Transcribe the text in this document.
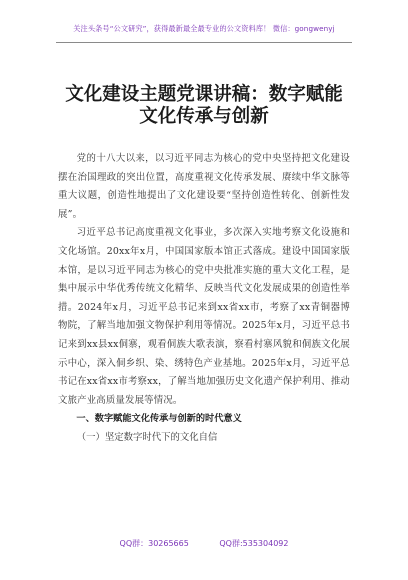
关注头条号“公文研究”，获得最新最全最专业的公文资料库！ 微信：gongwenyj
文化建设主题党课讲稿：数字赋能
文化传承与创新

党的十八大以来，以习近平同志为核心的党中央坚持把文化建设摆在治国理政的突出位置，高度重视文化传承发展、赓续中华文脉等重大议题，创造性地提出了文化建设要“坚持创造性转化、创新性发展”。

习近平总书记高度重视文化事业，多次深入实地考察文化设施和文化场馆。20xx年x月，中国国家版本馆正式落成。建设中国国家版本馆，是以习近平同志为核心的党中央批准实施的重大文化工程，是集中展示中华优秀传统文化精华、反映当代文化发展成果的创造性举措。2024年x月，习近平总书记来到xx省xx市，考察了xx青铜器博物院，了解当地加强文物保护利用等情况。2025年x月，习近平总书记来到xx县xx侗寨，观看侗族大歌表演，察看村寨风貌和侗族文化展示中心，深入侗乡织、染、绣特色产业基地。2025年x月，习近平总书记在xx省xx市考察xx，了解当地加强历史文化遗产保护利用、推动文旅产业高质量发展等情况。

一、数字赋能文化传承与创新的时代意义
（一）坚定数字时代下的文化自信
QQ群：30265665	QQ群:535304092
